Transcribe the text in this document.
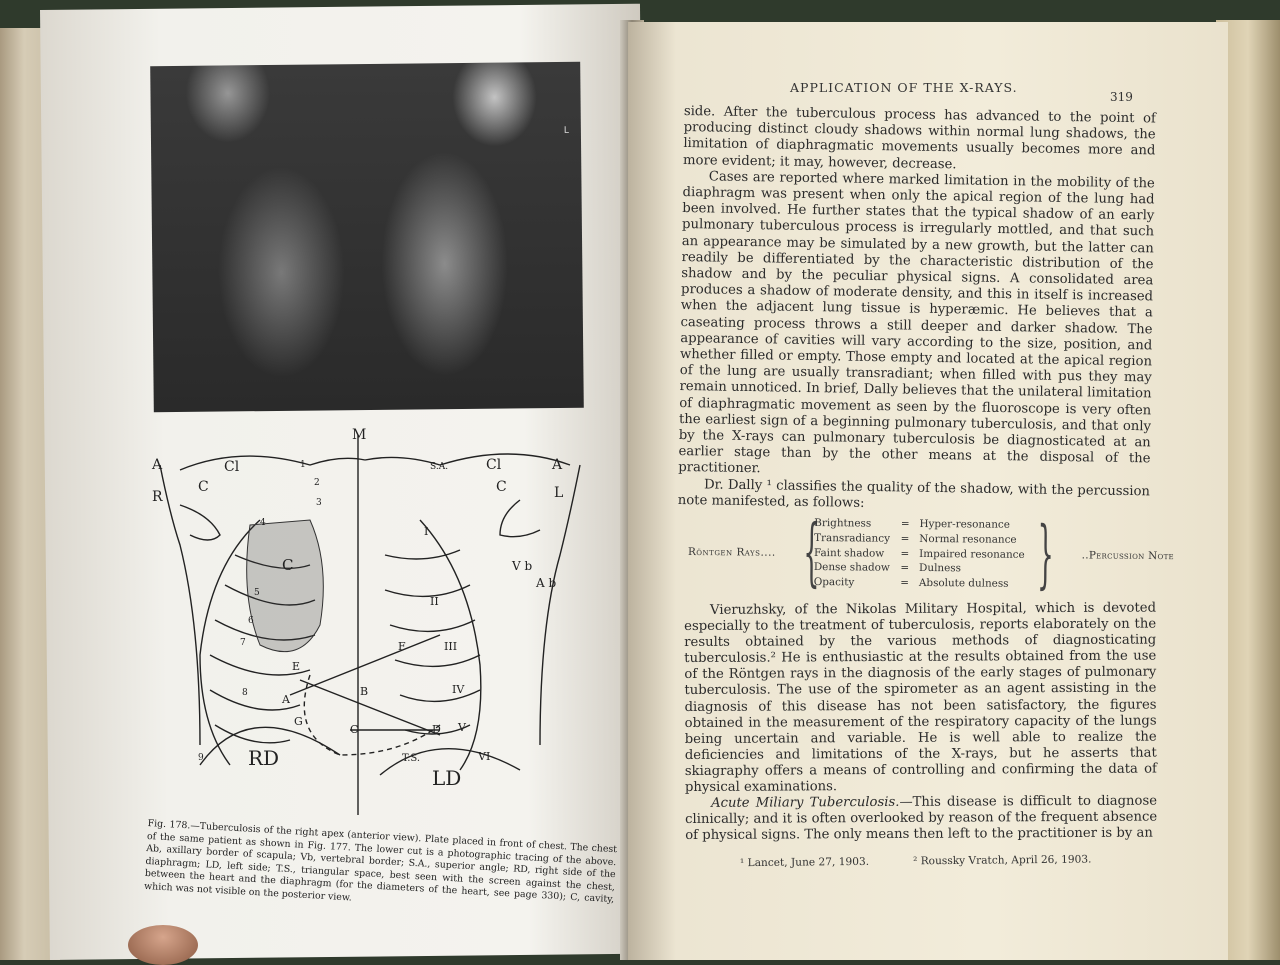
L
M
A	Cl
R
C
S.A.	Cl	A
C	L
V b
A b
C
E
F
A
B
G
C	D
I
II
III
IV
V
VI
RD
LD
T.S.
1
2
3
4
5
6
7
8
9
Fig. 178.—Tuberculosis of the right apex (anterior view). Plate placed in front of chest. The chest of the same patient as shown in Fig. 177. The lower cut is a photographic tracing of the above. Ab, axillary border of scapula; Vb, vertebral border; S.A., superior angle; RD, right side of the diaphragm; LD, left side; T.S., triangular space, best seen with the screen against the chest, between the heart and the diaphragm (for the diameters of the heart, see page 330); C, cavity, which was not visible on the posterior view.
APPLICATION OF THE X-RAYS.
319

side. After the tuberculous process has advanced to the point of producing distinct cloudy shadows within normal lung shadows, the limitation of diaphragmatic movements usually becomes more and more evident; it may, however, decrease.

Cases are reported where marked limitation in the mobility of the diaphragm was present when only the apical region of the lung had been involved. He further states that the typical shadow of an early pulmonary tuberculous process is irregularly mottled, and that such an appearance may be simulated by a new growth, but the latter can readily be differentiated by the characteristic distribution of the shadow and by the peculiar physical signs. A consolidated area produces a shadow of moderate density, and this in itself is increased when the adjacent lung tissue is hyperæmic. He believes that a caseating process throws a still deeper and darker shadow. The appearance of cavities will vary according to the size, position, and whether filled or empty. Those empty and located at the apical region of the lung are usually transradiant; when filled with pus they may remain unnoticed. In brief, Dally believes that the unilateral limitation of diaphragmatic movement as seen by the fluoroscope is very often the earliest sign of a beginning pulmonary tuberculosis, and that only by the X-rays can pulmonary tuberculosis be diagnosticated at an earlier stage than by the other means at the disposal of the practitioner.

Dr. Dally ¹ classifies the quality of the shadow, with the percussion note manifested, as follows:

Röntgen Rays.... {
Brightness	= Hyper-resonance
Transradiancy	= Normal resonance
Faint shadow	= Impaired resonance
Dense shadow	= Dulness
Opacity	= Absolute dulness }	..Percussion Note

Vieruzhsky, of the Nikolas Military Hospital, which is devoted especially to the treatment of tuberculosis, reports elaborately on the results obtained by the various methods of diagnosticating tuberculosis.² He is enthusiastic at the results obtained from the use of the Röntgen rays in the diagnosis of the early stages of pulmonary tuberculosis. The use of the spirometer as an agent assisting in the diagnosis of this disease has not been satisfactory, the figures obtained in the measurement of the respiratory capacity of the lungs being uncertain and variable. He is well able to realize the deficiencies and limitations of the X-rays, but he asserts that skiagraphy offers a means of controlling and confirming the data of physical examinations.

Acute Miliary Tuberculosis.—This disease is difficult to diagnose clinically; and it is often overlooked by reason of the frequent absence of physical signs. The only means then left to the practitioner is by an

¹ Lancet, June 27, 1903.	² Roussky Vratch, April 26, 1903.
